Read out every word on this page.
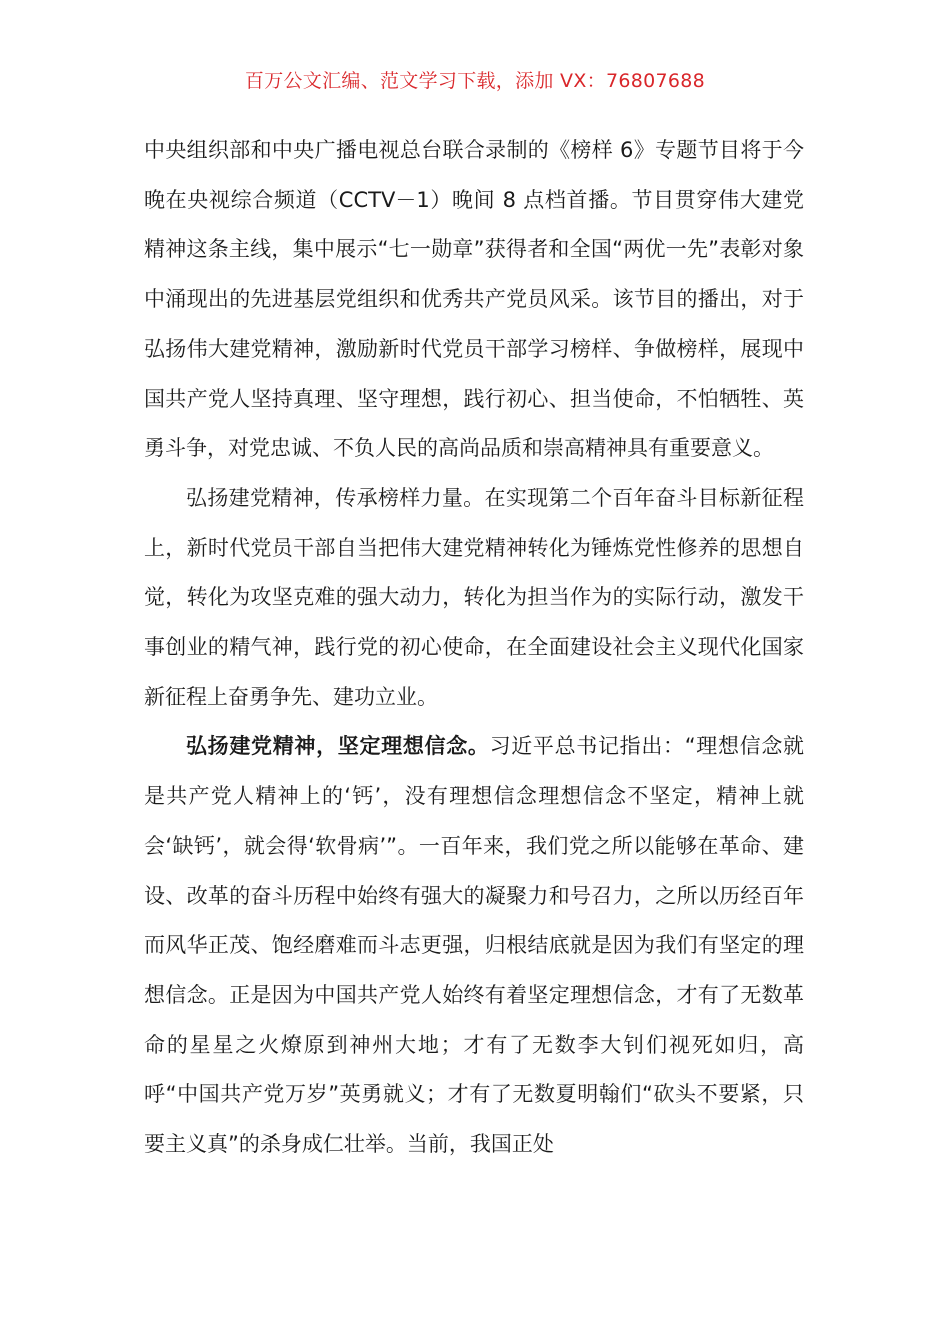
百万公文汇编、范文学习下载，添加 VX：76807688

中央组织部和中央广播电视总台联合录制的《榜样 6》专题节目将于今晚在央视综合频道（CCTV－1）晚间 8 点档首播。节目贯穿伟大建党精神这条主线，集中展示“七一勋章”获得者和全国“两优一先”表彰对象中涌现出的先进基层党组织和优秀共产党员风采。该节目的播出，对于弘扬伟大建党精神，激励新时代党员干部学习榜样、争做榜样，展现中国共产党人坚持真理、坚守理想，践行初心、担当使命，不怕牺牲、英勇斗争，对党忠诚、不负人民的高尚品质和崇高精神具有重要意义。

弘扬建党精神，传承榜样力量。在实现第二个百年奋斗目标新征程上，新时代党员干部自当把伟大建党精神转化为锤炼党性修养的思想自觉，转化为攻坚克难的强大动力，转化为担当作为的实际行动，激发干事创业的精气神，践行党的初心使命，在全面建设社会主义现代化国家新征程上奋勇争先、建功立业。

弘扬建党精神，坚定理想信念。习近平总书记指出：“理想信念就是共产党人精神上的‘钙’，没有理想信念理想信念不坚定，精神上就会‘缺钙’，就会得‘软骨病’”。一百年来，我们党之所以能够在革命、建设、改革的奋斗历程中始终有强大的凝聚力和号召力，之所以历经百年而风华正茂、饱经磨难而斗志更强，归根结底就是因为我们有坚定的理想信念。正是因为中国共产党人始终有着坚定理想信念，才有了无数革命的星星之火燎原到神州大地；才有了无数李大钊们视死如归，高呼“中国共产党万岁”英勇就义；才有了无数夏明翰们“砍头不要紧，只要主义真”的杀身成仁壮举。当前，我国正处
